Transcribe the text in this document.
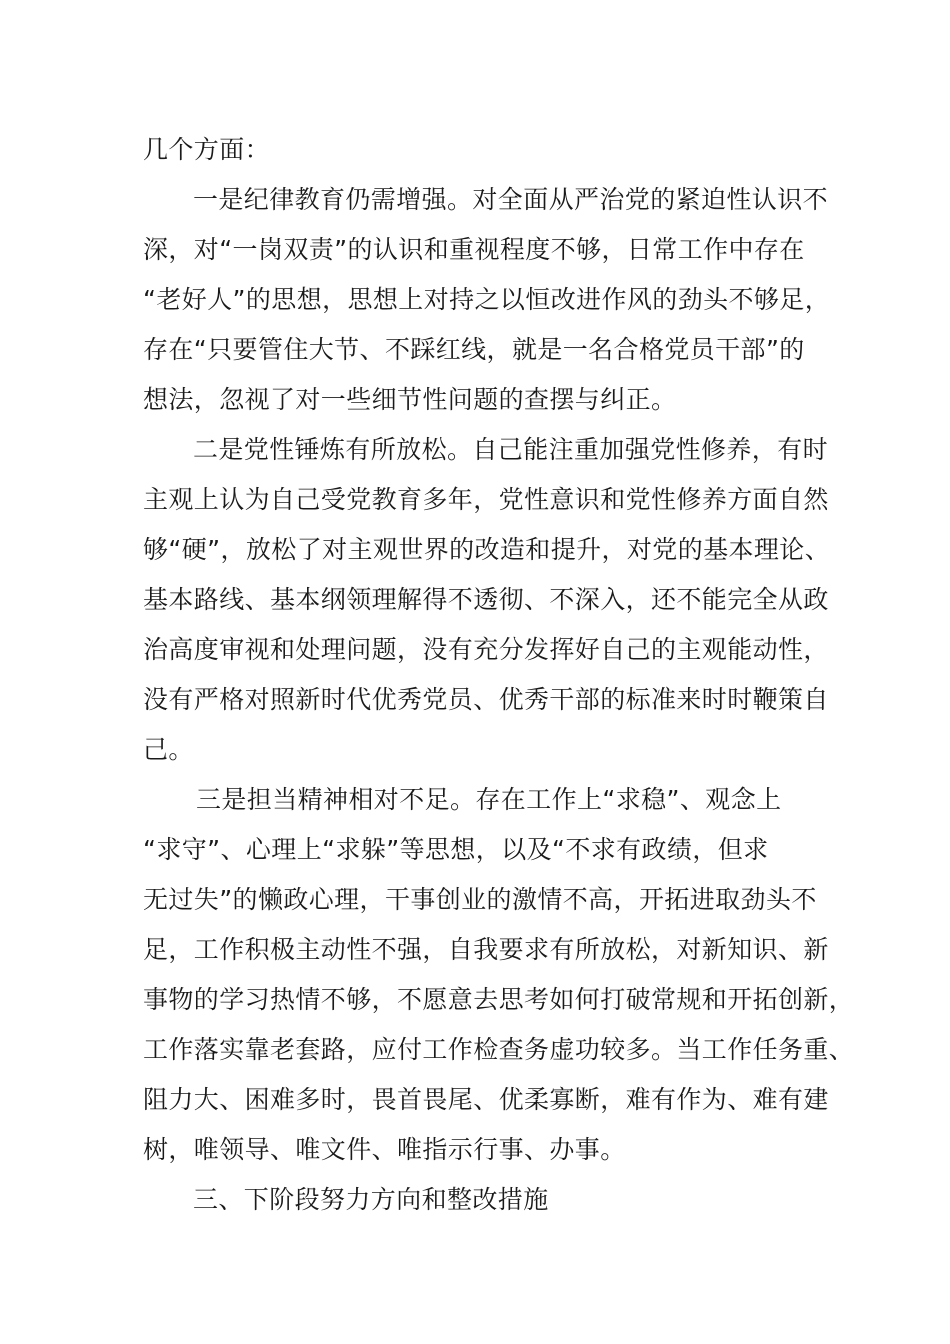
几个方面：
一是纪律教育仍需增强。对全面从严治党的紧迫性认识不
深，对“一岗双责”的认识和重视程度不够，日常工作中存在
“老好人”的思想，思想上对持之以恒改进作风的劲头不够足，
存在“只要管住大节、不踩红线，就是一名合格党员干部”的
想法，忽视了对一些细节性问题的查摆与纠正。
二是党性锤炼有所放松。自己能注重加强党性修养，有时
主观上认为自己受党教育多年，党性意识和党性修养方面自然
够“硬”，放松了对主观世界的改造和提升，对党的基本理论、
基本路线、基本纲领理解得不透彻、不深入，还不能完全从政
治高度审视和处理问题，没有充分发挥好自己的主观能动性，
没有严格对照新时代优秀党员、优秀干部的标准来时时鞭策自
己。
三是担当精神相对不足。存在工作上“求稳”、观念上
“求守”、心理上“求躲”等思想，以及“不求有政绩，但求
无过失”的懒政心理，干事创业的激情不高，开拓进取劲头不
足，工作积极主动性不强，自我要求有所放松，对新知识、新
事物的学习热情不够，不愿意去思考如何打破常规和开拓创新，
工作落实靠老套路，应付工作检查务虚功较多。当工作任务重、
阻力大、困难多时，畏首畏尾、优柔寡断，难有作为、难有建
树，唯领导、唯文件、唯指示行事、办事。
三、下阶段努力方向和整改措施
